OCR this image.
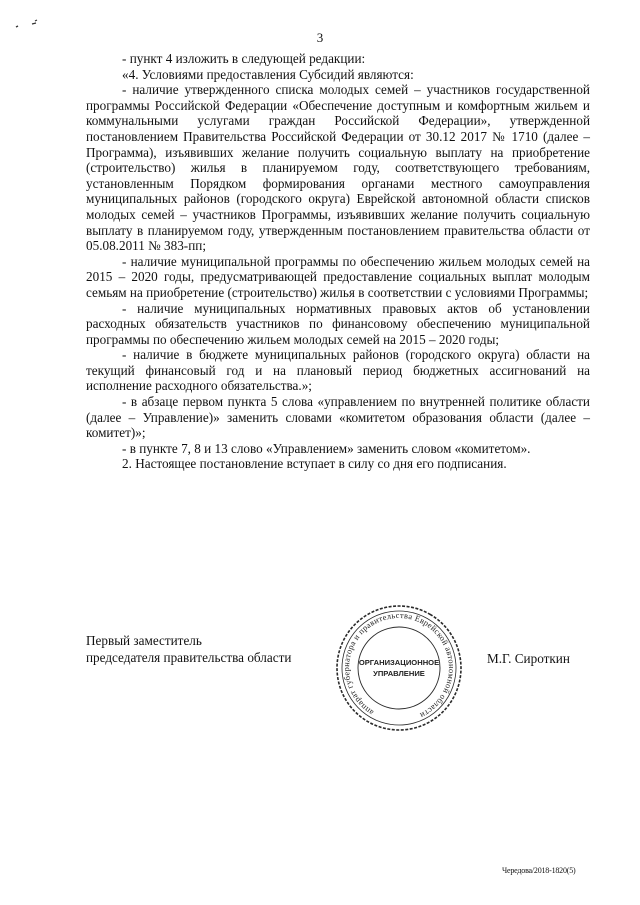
3

- пункт 4 изложить в следующей редакции:

«4. Условиями предоставления Субсидий являются:

- наличие утвержденного списка молодых семей – участников государственной программы Российской Федерации «Обеспечение доступным и комфортным жильем и коммунальными услугами граждан Российской Федерации», утвержденной постановлением Правительства Российской Федерации от 30.12 2017 № 1710 (далее – Программа), изъявивших желание получить социальную выплату на приобретение (строительство) жилья в планируемом году, соответствующего требованиям, установленным Порядком формирования органами местного самоуправления муниципальных районов (городского округа) Еврейской автономной области списков молодых семей – участников Программы, изъявивших желание получить социальную выплату в планируемом году, утвержденным постановлением правительства области от 05.08.2011 № 383-пп;

- наличие муниципальной программы по обеспечению жильем молодых семей на 2015 – 2020 годы, предусматривающей предоставление социальных выплат молодым семьям на приобретение (строительство) жилья в соответствии с условиями Программы;

- наличие муниципальных нормативных правовых актов об установлении расходных обязательств участников по финансовому обеспечению муниципальной программы по обеспечению жильем молодых семей на 2015 – 2020 годы;

- наличие в бюджете муниципальных районов (городского округа) области на текущий финансовый год и на плановый период бюджетных ассигнований на исполнение расходного обязательства.»;

- в абзаце первом пункта 5 слова «управлением по внутренней политике области (далее – Управление)» заменить словами «комитетом образования области (далее – комитет)»;

- в пункте 7, 8 и 13 слово «Управлением» заменить словом «комитетом».

2. Настоящее постановление вступает в силу со дня его подписания.

Первый заместитель
председателя правительства области	М.Г. Сироткин
аппарат губернатора и правительства Еврейской автономной области
ОРГАНИЗАЦИОННОЕ
УПРАВЛЕНИЕ
Чередова/2018-1820(5)
